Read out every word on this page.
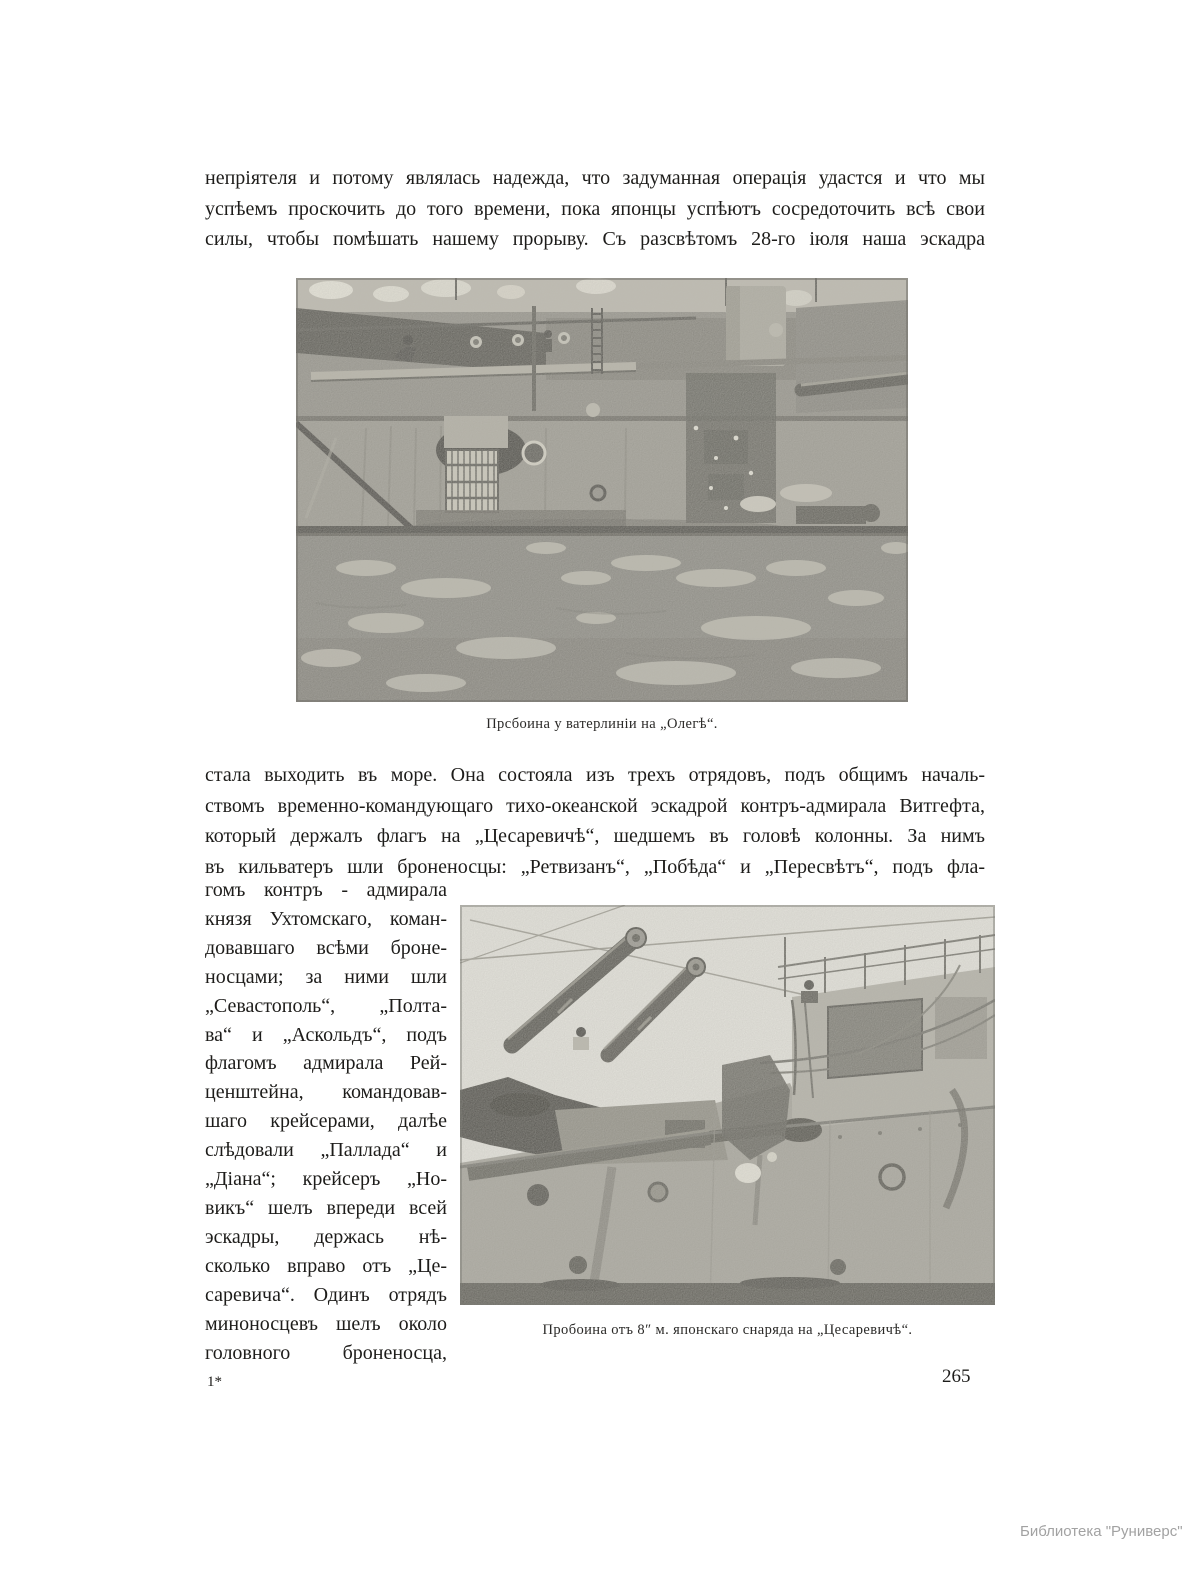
непріятеля и потому являлась надежда, что задуманная операція удастся и что мы
успѣемъ проскочить до того времени, пока японцы успѣютъ сосредоточить всѣ свои
силы, чтобы помѣшать нашему прорыву. Съ разсвѣтомъ 28-го іюля наша эскадра
Прсбоина у ватерлиніи на „Олегѣ“.
стала выходить въ море. Она состояла изъ трехъ отрядовъ, подъ общимъ началь-
ствомъ временно-командующаго тихо-океанской эскадрой контръ-адмирала Витгефта,
который держалъ флагъ на „Цесаревичѣ“, шедшемъ въ головѣ колонны. За нимъ
въ кильватеръ шли броненосцы: „Ретвизанъ“, „Побѣда“ и „Пересвѣтъ“, подъ фла-
гомъ контръ - адмирала
князя Ухтомскаго, коман-
довавшаго всѣми броне-
носцами; за ними шли
„Севастополь“, „Полта-
ва“ и „Аскольдъ“, подъ
флагомъ адмирала Рей-
ценштейна, командовав-
шаго крейсерами, далѣе
слѣдовали „Паллада“ и
„Діана“; крейсеръ „Но-
викъ“ шелъ впереди всей
эскадры, держась нѣ-
сколько вправо отъ „Це-
саревича“. Одинъ отрядъ
миноносцевъ шелъ около
головного броненосца,
Пробоина отъ 8″ м. японскаго снаряда на „Цесаревичѣ“.
1*	265
Библиотека "Руниверс"
